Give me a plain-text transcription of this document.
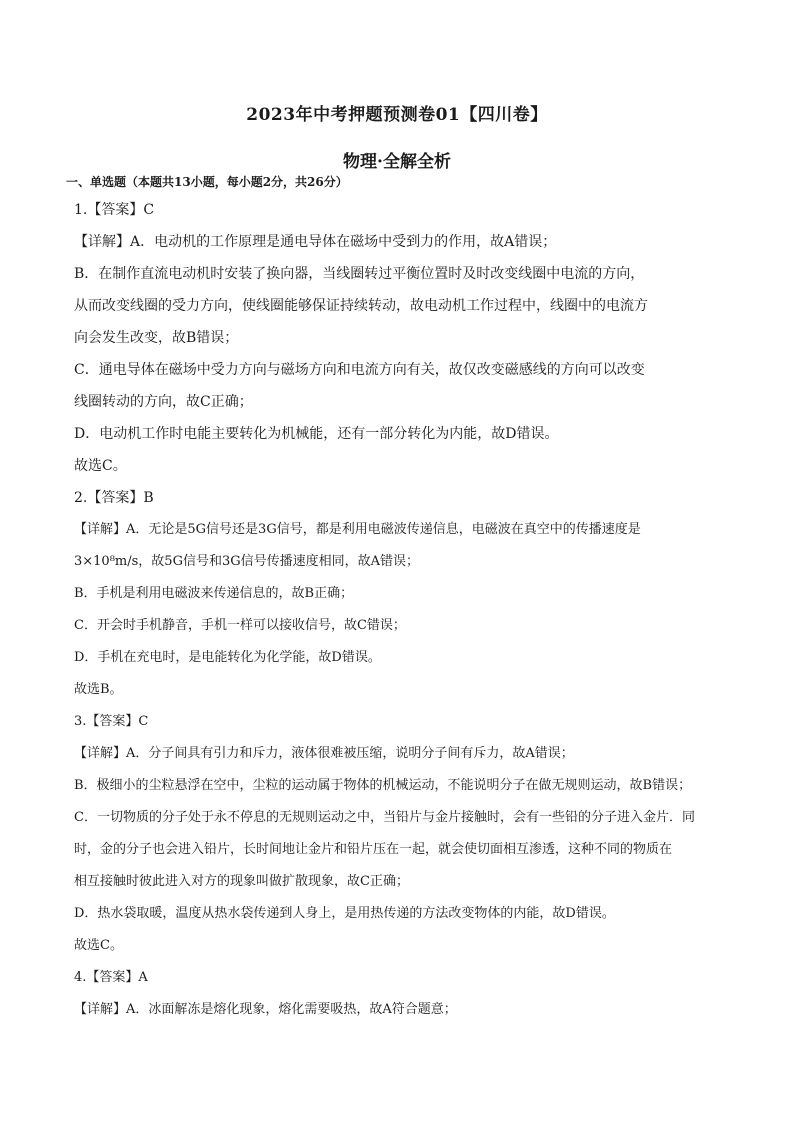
2023年中考押题预测卷01【四川卷】
物理·全解全析
一、单选题（本题共13小题，每小题2分，共26分）
1.【答案】C
【详解】A．电动机的工作原理是通电导体在磁场中受到力的作用，故A错误；
B．在制作直流电动机时安装了换向器，当线圈转过平衡位置时及时改变线圈中电流的方向，
从而改变线圈的受力方向，使线圈能够保证持续转动，故电动机工作过程中，线圈中的电流方
向会发生改变，故B错误；
C．通电导体在磁场中受力方向与磁场方向和电流方向有关，故仅改变磁感线的方向可以改变
线圈转动的方向，故C正确；
D．电动机工作时电能主要转化为机械能，还有一部分转化为内能，故D错误。
故选C。
2.【答案】B
【详解】A．无论是5G信号还是3G信号，都是利用电磁波传递信息，电磁波在真空中的传播速度是
3×10⁸m/s，故5G信号和3G信号传播速度相同，故A错误；
B．手机是利用电磁波来传递信息的，故B正确；
C．开会时手机静音，手机一样可以接收信号，故C错误；
D．手机在充电时，是电能转化为化学能，故D错误。
故选B。
3.【答案】C
【详解】A．分子间具有引力和斥力，液体很难被压缩，说明分子间有斥力，故A错误；
B．极细小的尘粒悬浮在空中，尘粒的运动属于物体的机械运动，不能说明分子在做无规则运动，故B错误；
C．一切物质的分子处于永不停息的无规则运动之中，当铅片与金片接触时，会有一些铅的分子进入金片．同
时，金的分子也会进入铅片，长时间地让金片和铅片压在一起，就会使切面相互渗透，这种不同的物质在
相互接触时彼此进入对方的现象叫做扩散现象，故C正确；
D．热水袋取暖，温度从热水袋传递到人身上，是用热传递的方法改变物体的内能，故D错误。
故选C。
4.【答案】A
【详解】A．冰面解冻是熔化现象，熔化需要吸热，故A符合题意；
